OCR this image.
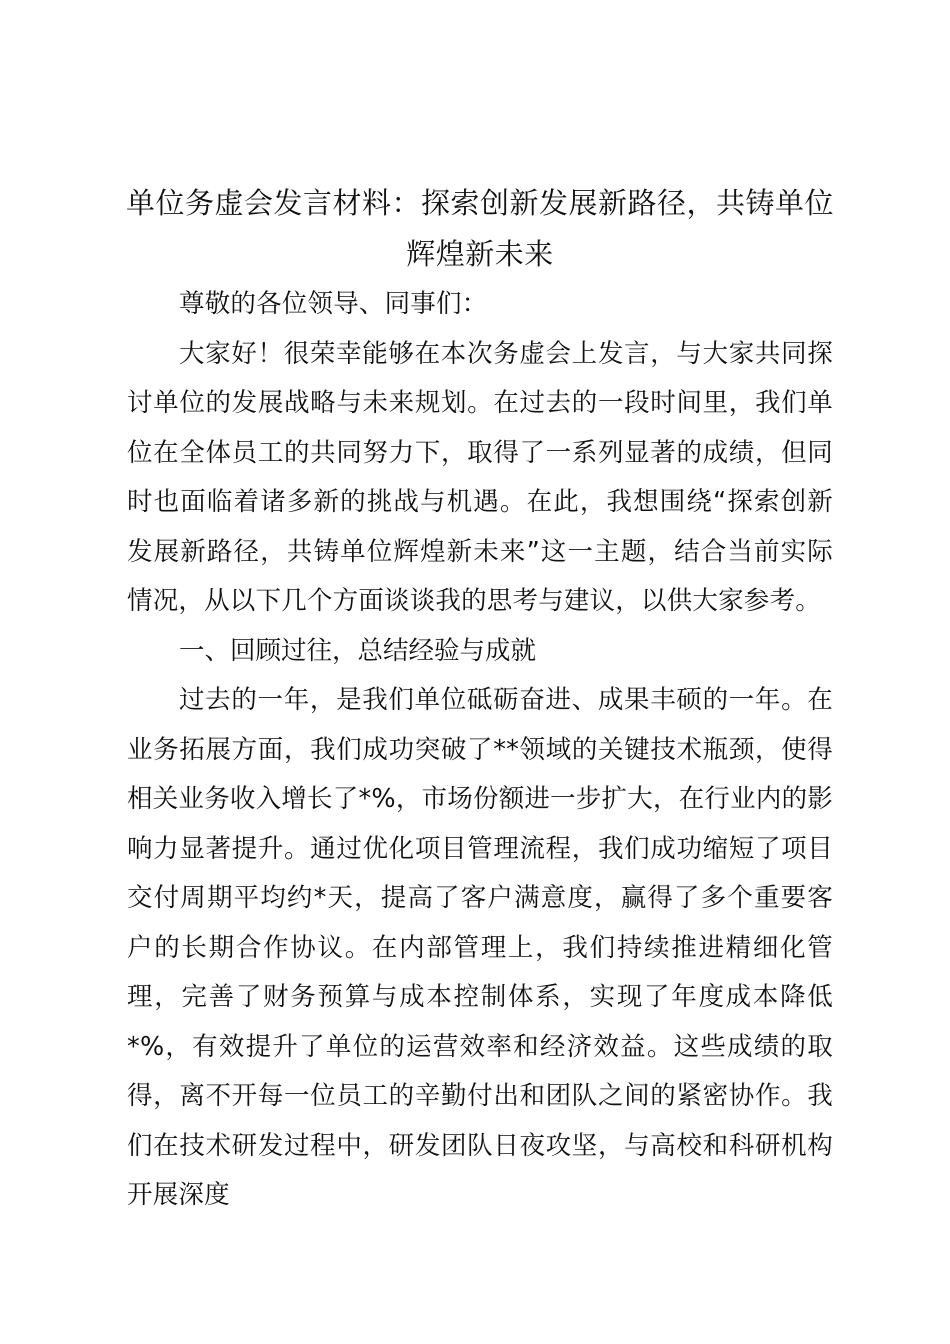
单位务虚会发言材料：探索创新发展新路径，共铸单位辉煌新未来

尊敬的各位领导、同事们：

大家好！很荣幸能够在本次务虚会上发言，与大家共同探讨单位的发展战略与未来规划。在过去的一段时间里，我们单位在全体员工的共同努力下，取得了一系列显著的成绩，但同时也面临着诸多新的挑战与机遇。在此，我想围绕“探索创新发展新路径，共铸单位辉煌新未来”这一主题，结合当前实际情况，从以下几个方面谈谈我的思考与建议，以供大家参考。

一、回顾过往，总结经验与成就

过去的一年，是我们单位砥砺奋进、成果丰硕的一年。在业务拓展方面，我们成功突破了**领域的关键技术瓶颈，使得相关业务收入增长了*%，市场份额进一步扩大，在行业内的影响力显著提升。通过优化项目管理流程，我们成功缩短了项目交付周期平均约*天，提高了客户满意度，赢得了多个重要客户的长期合作协议。在内部管理上，我们持续推进精细化管理，完善了财务预算与成本控制体系，实现了年度成本降低*%，有效提升了单位的运营效率和经济效益。这些成绩的取得，离不开每一位员工的辛勤付出和团队之间的紧密协作。我们在技术研发过程中，研发团队日夜攻坚，与高校和科研机构开展深度
